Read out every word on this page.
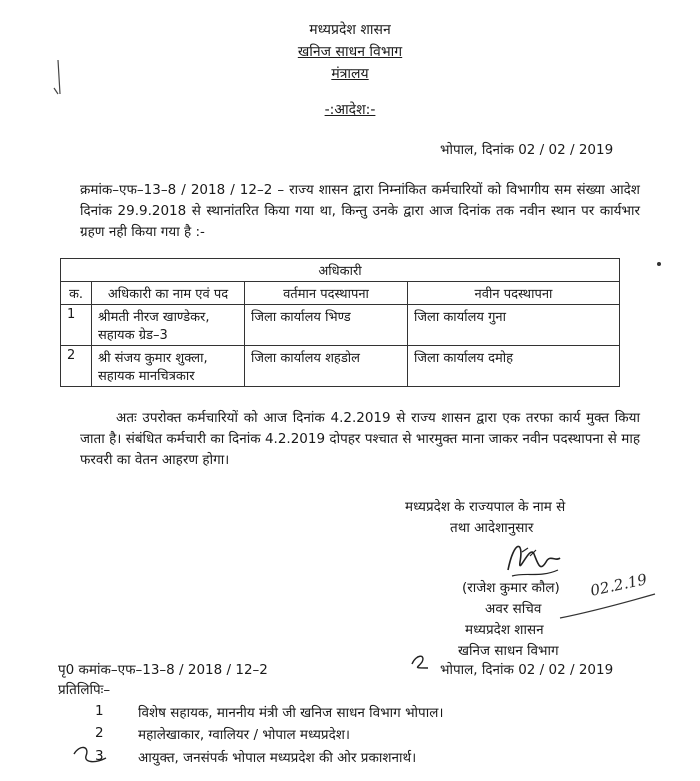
मध्यप्रदेश शासन
खनिज साधन विभाग
मंत्रालय
-:आदेश:-
भोपाल, दिनांक 02 / 02 / 2019
क्रमांक–एफ–13–8 / 2018 / 12–2 – राज्य शासन द्वारा निम्नांकित कर्मचारियों को विभागीय सम संख्या आदेश दिनांक 29.9.2018 से स्थानांतरित किया गया था, किन्तु उनके द्वारा आज दिनांक तक नवीन स्थान पर कार्यभार ग्रहण नही किया गया है :-
अधिकारी			
क.	अधिकारी का नाम एवं पद	वर्तमान पदस्थापना	नवीन पदस्थापना
1	श्रीमती नीरज खाण्डेकर, सहायक ग्रेड–3	जिला कार्यालय भिण्ड	जिला कार्यालय गुना
2	श्री संजय कुमार शुक्ला, सहायक मानचित्रकार	जिला कार्यालय शहडोल	जिला कार्यालय दमोह
अतः उपरोक्त कर्मचारियों को आज दिनांक 4.2.2019 से राज्य शासन द्वारा एक तरफा कार्य मुक्त किया जाता है। संबंधित कर्मचारी का दिनांक 4.2.2019 दोपहर पश्चात से भारमुक्त माना जाकर नवीन पदस्थापना से माह फरवरी का वेतन आहरण होगा।
मध्यप्रदेश के राज्यपाल के नाम से
तथा आदेशानुसार
(राजेश कुमार कौल)
अवर सचिव
मध्यप्रदेश शासन
खनिज साधन विभाग
02.2.19
पृ0 कमांक–एफ–13–8 / 2018 / 12–2	भोपाल, दिनांक 02 / 02 / 2019
प्रतिलिपिः–
1	विशेष सहायक, माननीय मंत्री जी खनिज साधन विभाग भोपाल।
2	महालेखाकार, ग्वालियर / भोपाल मध्यप्रदेश।
3	आयुक्त, जनसंपर्क भोपाल मध्यप्रदेश की ओर प्रकाशनार्थ।
